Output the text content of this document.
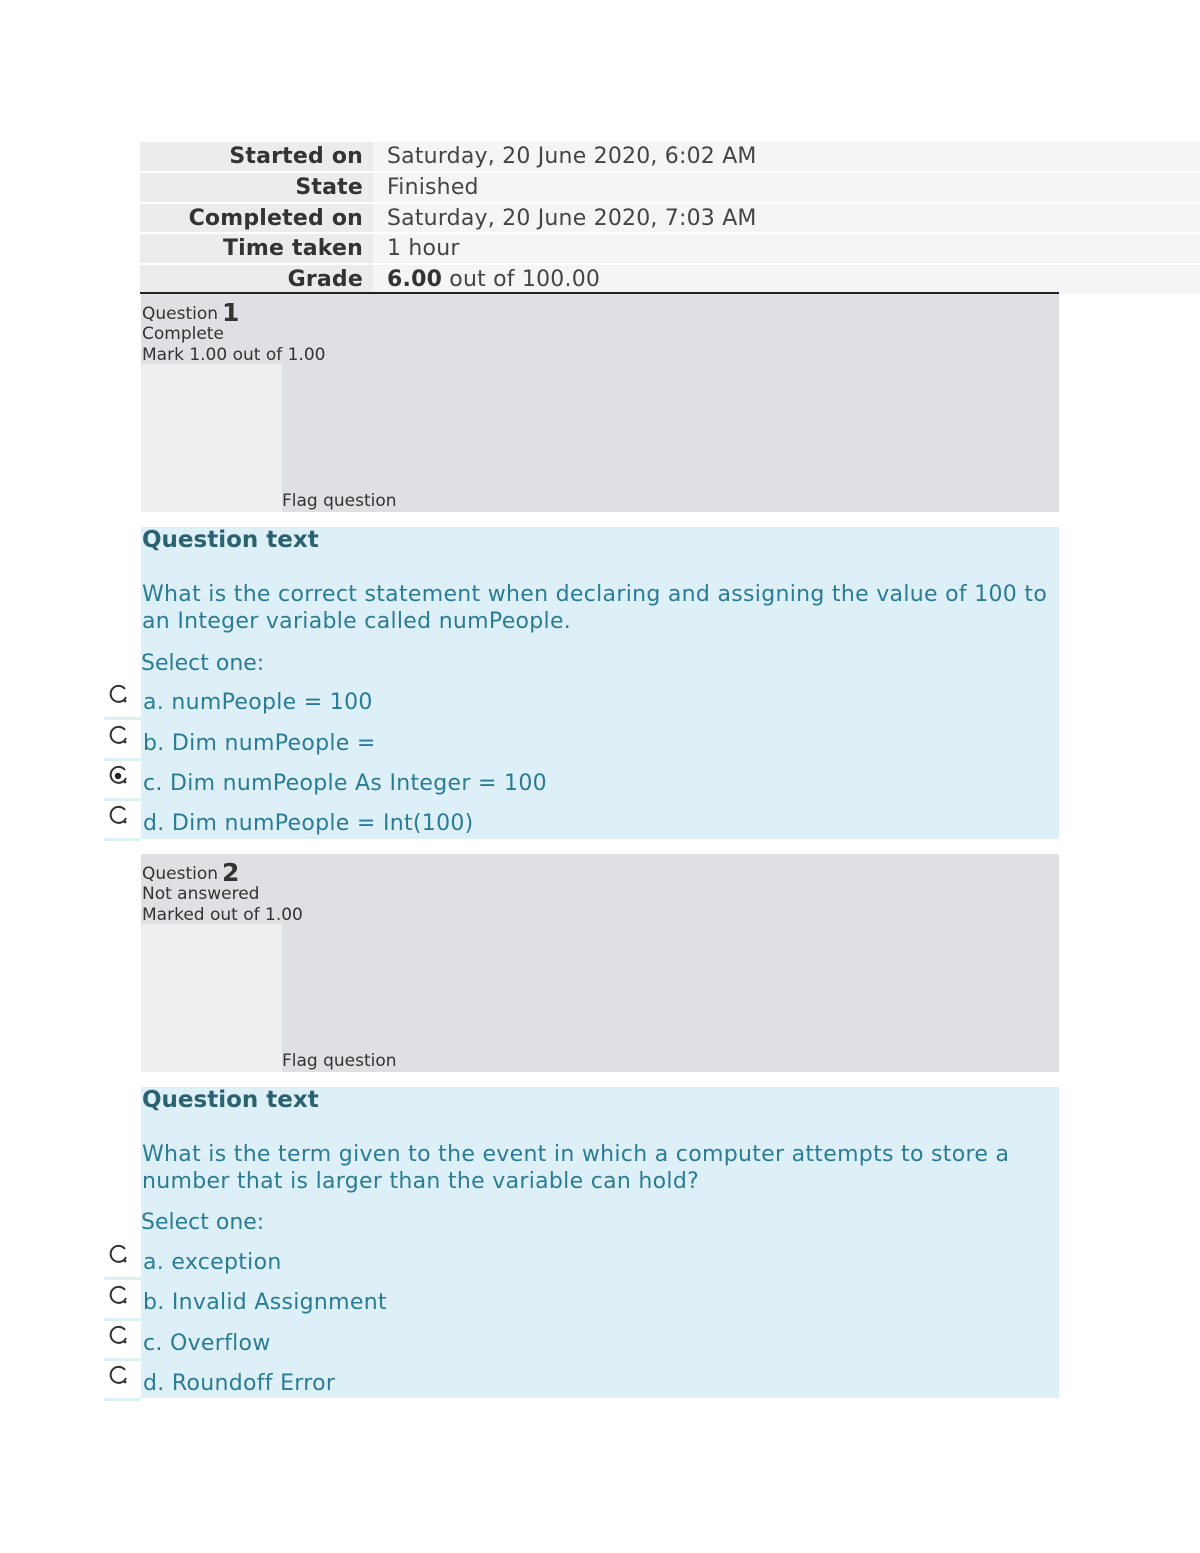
Started on	Saturday, 20 June 2020, 6:02 AM
State	Finished
Completed on	Saturday, 20 June 2020, 7:03 AM
Time taken	1 hour
Grade	6.00 out of 100.00
Question 1
Complete
Mark 1.00 out of 1.00
Flag question
Question text
What is the correct statement when declaring and assigning the value of 100 to an Integer variable called numPeople.
Select one:
a. numPeople = 100
b. Dim numPeople =
c. Dim numPeople As Integer = 100
d. Dim numPeople = Int(100)
Question 2
Not answered
Marked out of 1.00
Flag question
Question text
What is the term given to the event in which a computer attempts to store a number that is larger than the variable can hold?
Select one:
a. exception
b. Invalid Assignment
c. Overflow
d. Roundoff Error
